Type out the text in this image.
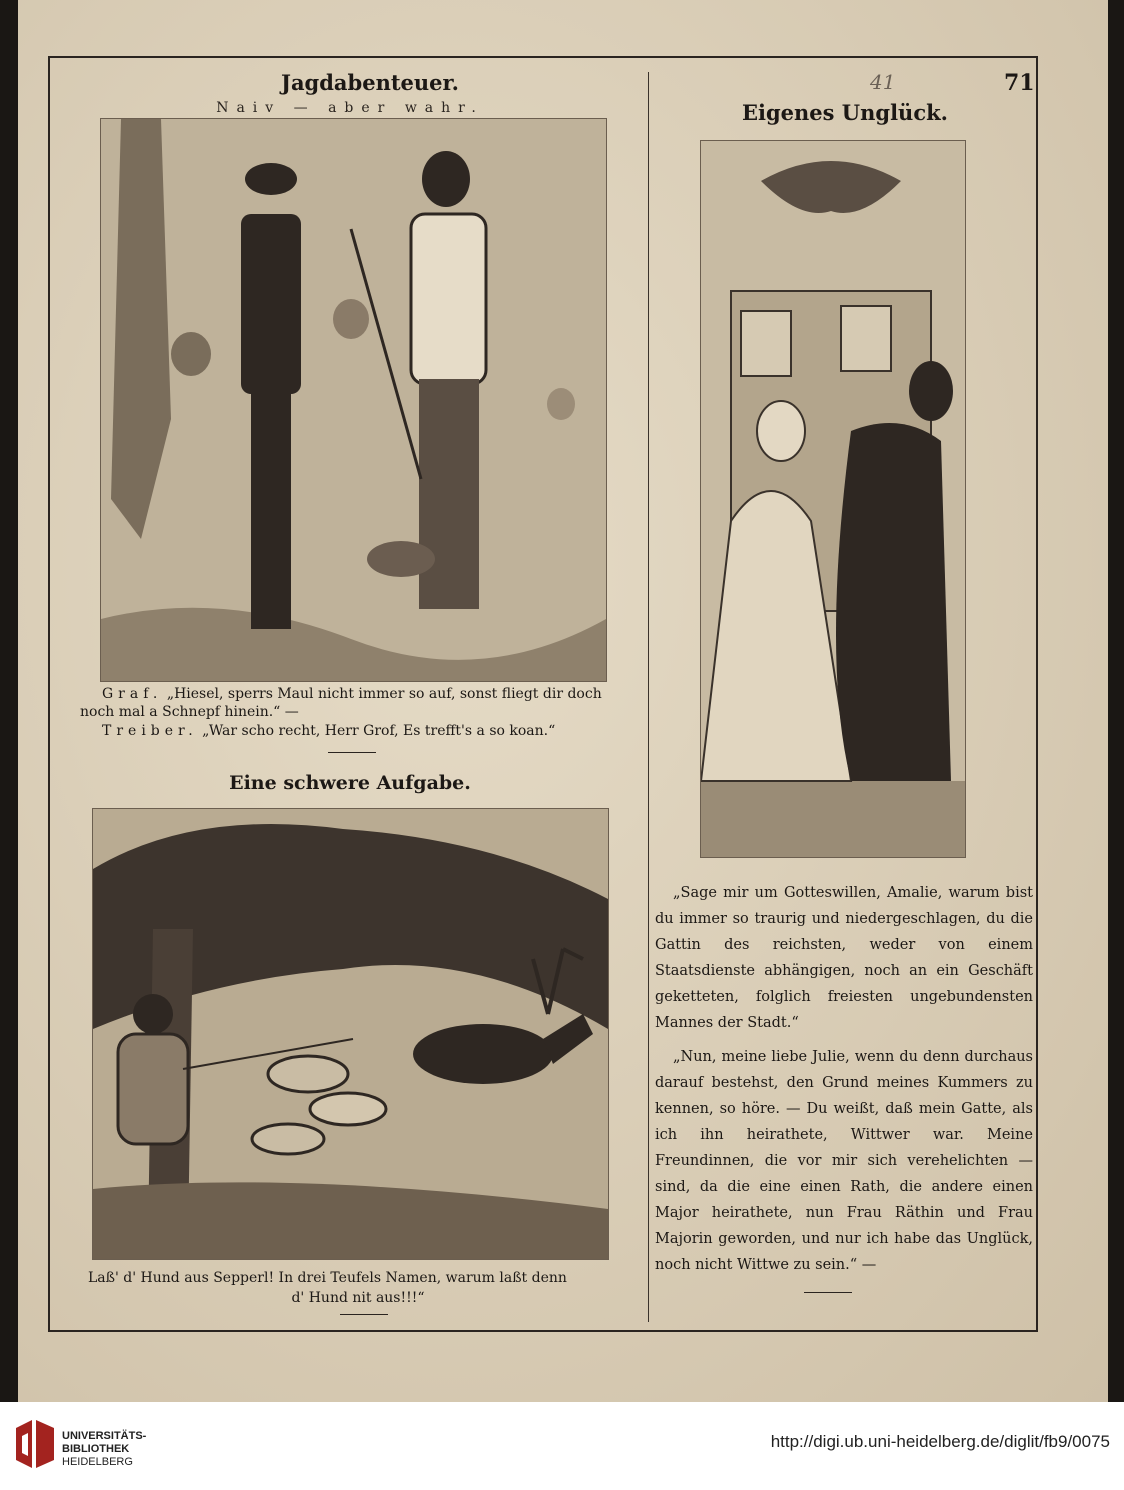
41	71
Jagdabenteuer.
Naiv — aber wahr.
Graf. „Hiesel, sperrs Maul nicht immer so auf, sonst fliegt dir doch
noch mal a Schnepf hinein.“ —
Treiber. „War scho recht, Herr Grof, Es trefft's a so koan.“
Eine schwere Aufgabe.
Laß' d' Hund aus Sepperl! In drei Teufels Namen, warum laßt denn
d' Hund nit aus!!!“
Eigenes Unglück.

„Sage mir um Gotteswillen, Amalie, warum bist du immer so traurig und niedergeschlagen, du die Gattin des reichsten, weder von einem Staatsdienste abhängigen, noch an ein Geschäft geketteten, folglich freiesten ungebundensten Mannes der Stadt.“

„Nun, meine liebe Julie, wenn du denn durchaus darauf bestehst, den Grund meines Kummers zu kennen, so höre. — Du weißt, daß mein Gatte, als ich ihn heirathete, Wittwer war. Meine Freundinnen, die vor mir sich verehelichten — sind, da die eine einen Rath, die andere einen Major heirathete, nun Frau Räthin und Frau Majorin geworden, und nur ich habe das Unglück, noch nicht Wittwe zu sein.“ —

UNIVERSITÄTS-
BIBLIOTHEK
HEIDELBERG
http://digi.ub.uni-heidelberg.de/diglit/fb9/0075
